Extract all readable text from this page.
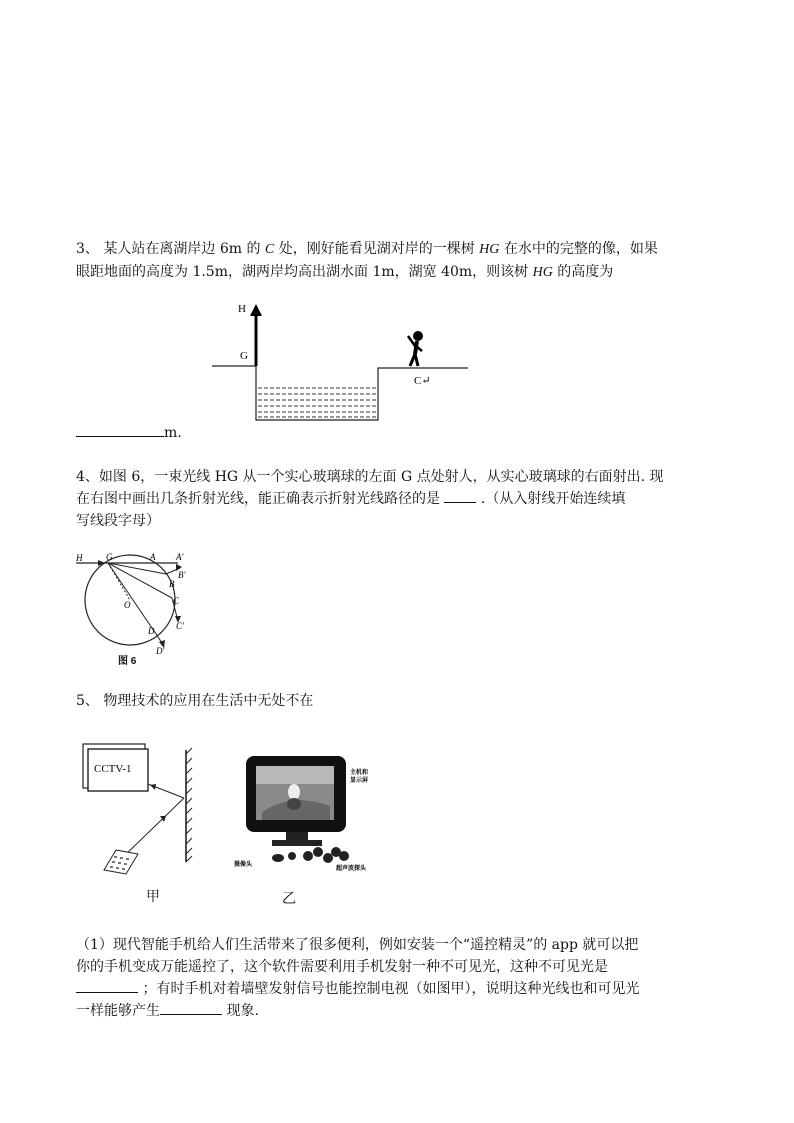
3、 某人站在离湖岸边 6m 的 C 处，刚好能看见湖对岸的一棵树 HG 在水中的完整的像，如果
眼距地面的高度为 1.5m，湖两岸均高出湖水面 1m，湖宽 40m，则该树 HG 的高度为
H
G
C↵
m.
4、如图 6，一束光线 HG 从一个实心玻璃球的左面 G 点处射人，从实心玻璃球的右面射出. 现
在右图中画出几条折射光线，能正确表示折射光线路径的是  .（从入射线开始连续填
写线段字母）
H	G	A A'
B'
B
C
C'
D
D'
O
图 6
5、 物理技术的应用在生活中无处不在
CCTV-1
甲
主机和
显示屏
摄像头
超声波探头
乙
（1）现代智能手机给人们生活带来了很多便利，例如安装一个“遥控精灵”的 app 就可以把
你的手机变成万能遥控了，这个软件需要利用手机发射一种不可见光，这种不可见光是
；有时手机对着墙壁发射信号也能控制电视（如图甲），说明这种光线也和可见光
一样能够产生	现象.
